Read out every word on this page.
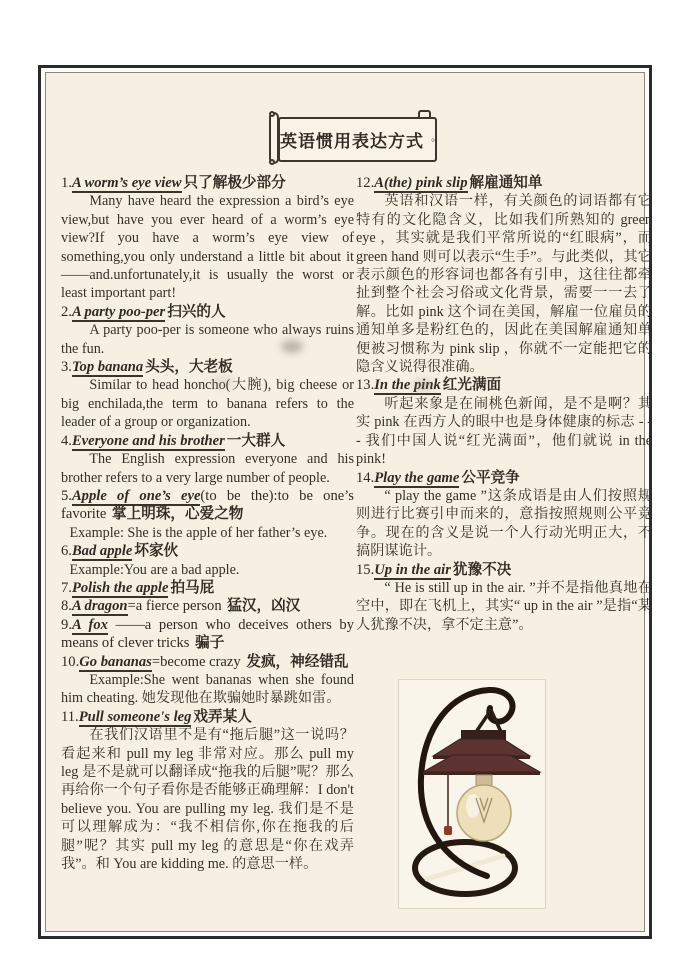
英语惯用表达方式 1
1.A worm’s eye view 只了解极少部分
Many have heard the expression a bird’s eye view,but have you ever heard of a worm’s eye view?If you have a worm’s eye view of something,you only understand a little bit about it——and.unfortunately,it is usually the worst or least important part!
2.A party poo-per 扫兴的人
A party poo-per is someone who always ruins the fun.
3.Top banana 头头，大老板
Similar to head honcho(大腕), big cheese or big enchilada,the term to banana refers to the leader of a group or organization.
4.Everyone and his brother 一大群人
The English expression everyone and his brother refers to a very large number of people.
5.Apple of one’s eye(to be the):to be one’s favorite 掌上明珠，心爱之物
Example: She is the apple of her father’s eye.
6.Bad apple 坏家伙
Example:You are a bad apple.
7.Polish the apple 拍马屁
8.A dragon=a fierce person 猛汉，凶汉
9.A fox ——a person who deceives others by means of clever tricks 骗子
10.Go bananas=become crazy 发疯，神经错乱
Example:She went bananas when she found him cheating. 她发现他在欺骗她时暴跳如雷。
11.Pull someone's leg 戏弄某人
在我们汉语里不是有“拖后腿”这一说吗？看起来和 pull my leg 非常对应。那么 pull my leg 是不是就可以翻译成“拖我的后腿”呢？那么再给你一个句子看你是否能够正确理解：I don't believe you. You are pulling my leg. 我们是不是可以理解成为：“我不相信你,你在拖我的后腿”呢？其实 pull my leg 的意思是“你在戏弄我”。和 You are kidding me. 的意思一样。
12.A(the) pink slip 解雇通知单
英语和汉语一样，有关颜色的词语都有它特有的文化隐含义，比如我们所熟知的 green eye ，其实就是我们平常所说的“红眼病”，而 green hand 则可以表示“生手”。与此类似，其它表示颜色的形容词也都各有引申，这往往都牵扯到整个社会习俗或文化背景，需要一一去了解。比如 pink 这个词在美国，解雇一位雇员的通知单多是粉红色的，因此在美国解雇通知单便被习惯称为 pink slip ，你就不一定能把它的隐含义说得很准确。
13.In the pink 红光满面
听起来象是在闹桃色新闻，是不是啊？其实 pink 在西方人的眼中也是身体健康的标志 - - - 我们中国人说“红光满面”，他们就说 in the pink!
14.Play the game 公平竞争
“ play the game ”这条成语是由人们按照规则进行比赛引申而来的，意指按照规则公平竞争。现在的含义是说一个人行动光明正大，不搞阴谋诡计。
15.Up in the air 犹豫不决
“ He is still up in the air. ”并不是指他真地在空中，即在飞机上，其实“ up in the air ”是指“某人犹豫不决，拿不定主意”。
